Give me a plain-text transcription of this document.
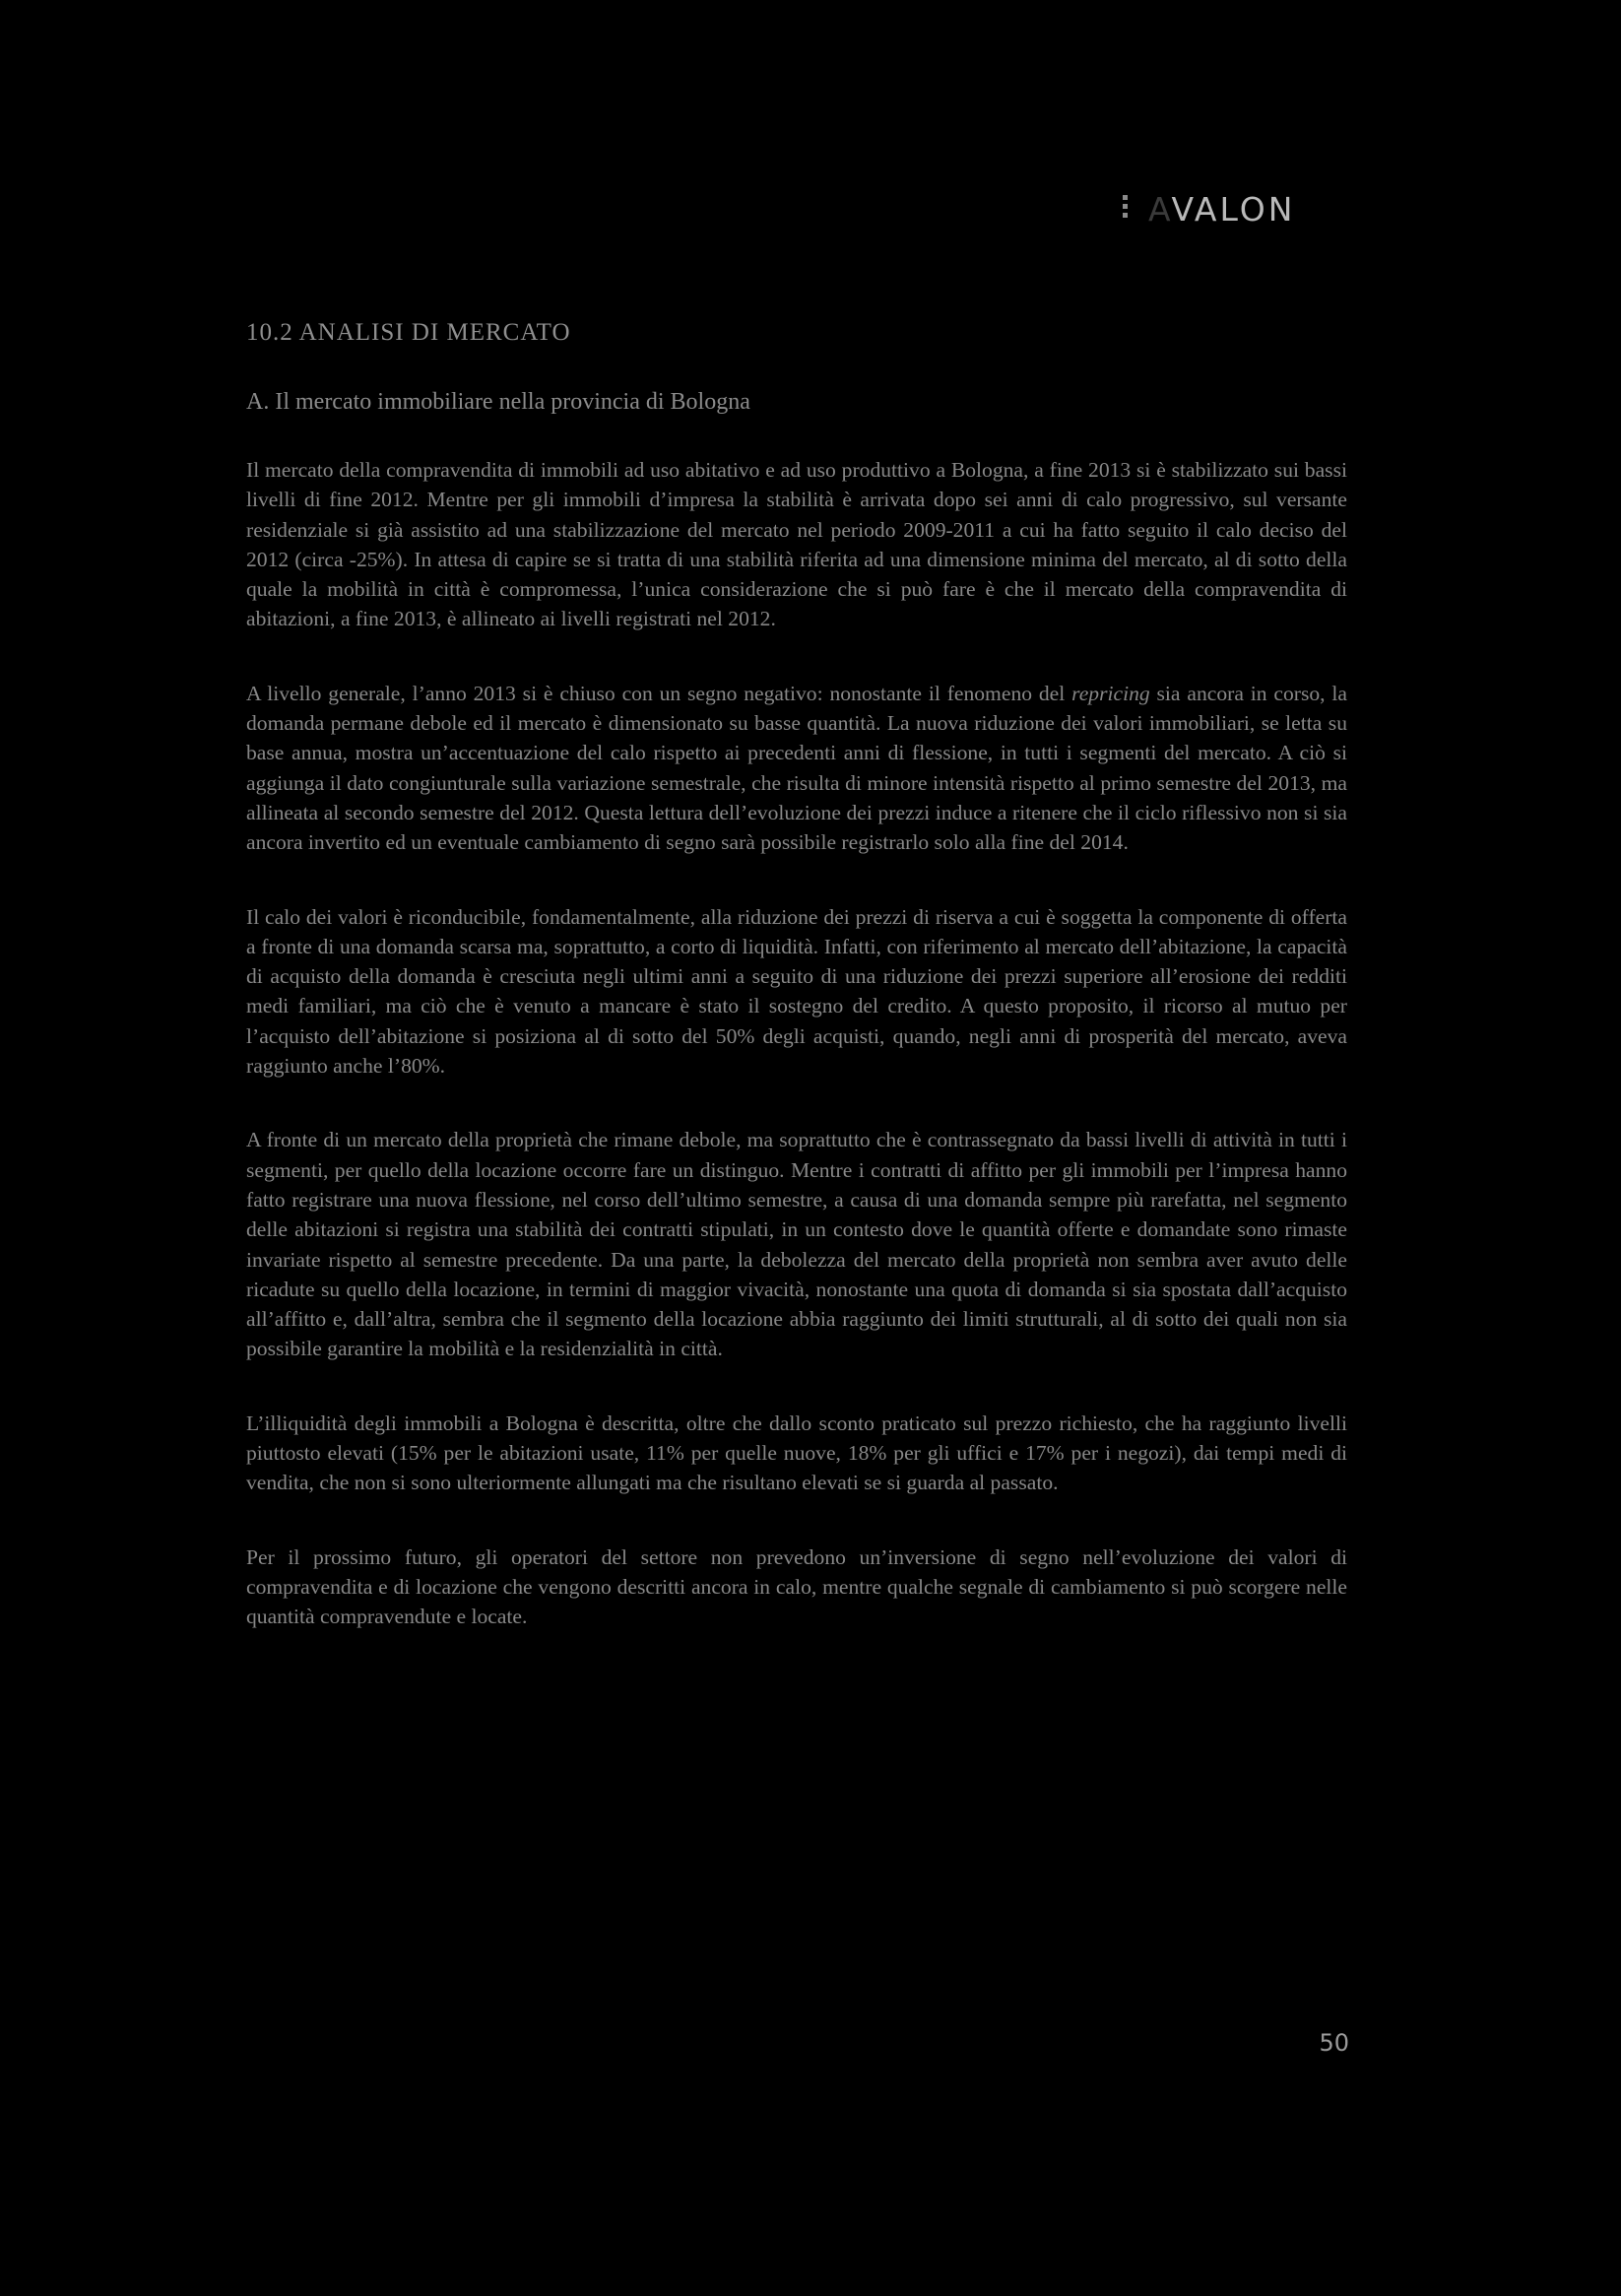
AVALON
10.2 ANALISI DI MERCATO
A. Il mercato immobiliare nella provincia di Bologna

Il mercato della compravendita di immobili ad uso abitativo e ad uso produttivo a Bologna, a fine 2013 si è stabilizzato sui bassi livelli di fine 2012. Mentre per gli immobili d’impresa la stabilità è arrivata dopo sei anni di calo progressivo, sul versante residenziale si già assistito ad una stabilizzazione del mercato nel periodo 2009-2011 a cui ha fatto seguito il calo deciso del 2012 (circa -25%). In attesa di capire se si tratta di una stabilità riferita ad una dimensione minima del mercato, al di sotto della quale la mobilità in città è compromessa, l’unica considerazione che si può fare è che il mercato della compravendita di abitazioni, a fine 2013, è allineato ai livelli registrati nel 2012.

A livello generale, l’anno 2013 si è chiuso con un segno negativo: nonostante il fenomeno del repricing sia ancora in corso, la domanda permane debole ed il mercato è dimensionato su basse quantità. La nuova riduzione dei valori immobiliari, se letta su base annua, mostra un’accentuazione del calo rispetto ai precedenti anni di flessione, in tutti i segmenti del mercato. A ciò si aggiunga il dato congiunturale sulla variazione semestrale, che risulta di minore intensità rispetto al primo semestre del 2013, ma allineata al secondo semestre del 2012. Questa lettura dell’evoluzione dei prezzi induce a ritenere che il ciclo riflessivo non si sia ancora invertito ed un eventuale cambiamento di segno sarà possibile registrarlo solo alla fine del 2014.

Il calo dei valori è riconducibile, fondamentalmente, alla riduzione dei prezzi di riserva a cui è soggetta la componente di offerta a fronte di una domanda scarsa ma, soprattutto, a corto di liquidità. Infatti, con riferimento al mercato dell’abitazione, la capacità di acquisto della domanda è cresciuta negli ultimi anni a seguito di una riduzione dei prezzi superiore all’erosione dei redditi medi familiari, ma ciò che è venuto a mancare è stato il sostegno del credito. A questo proposito, il ricorso al mutuo per l’acquisto dell’abitazione si posiziona al di sotto del 50% degli acquisti, quando, negli anni di prosperità del mercato, aveva raggiunto anche l’80%.

A fronte di un mercato della proprietà che rimane debole, ma soprattutto che è contrassegnato da bassi livelli di attività in tutti i segmenti, per quello della locazione occorre fare un distinguo. Mentre i contratti di affitto per gli immobili per l’impresa hanno fatto registrare una nuova flessione, nel corso dell’ultimo semestre, a causa di una domanda sempre più rarefatta, nel segmento delle abitazioni si registra una stabilità dei contratti stipulati, in un contesto dove le quantità offerte e domandate sono rimaste invariate rispetto al semestre precedente. Da una parte, la debolezza del mercato della proprietà non sembra aver avuto delle ricadute su quello della locazione, in termini di maggior vivacità, nonostante una quota di domanda si sia spostata dall’acquisto all’affitto e, dall’altra, sembra che il segmento della locazione abbia raggiunto dei limiti strutturali, al di sotto dei quali non sia possibile garantire la mobilità e la residenzialità in città.

L’illiquidità degli immobili a Bologna è descritta, oltre che dallo sconto praticato sul prezzo richiesto, che ha raggiunto livelli piuttosto elevati (15% per le abitazioni usate, 11% per quelle nuove, 18% per gli uffici e 17% per i negozi), dai tempi medi di vendita, che non si sono ulteriormente allungati ma che risultano elevati se si guarda al passato.

Per il prossimo futuro, gli operatori del settore non prevedono un’inversione di segno nell’evoluzione dei valori di compravendita e di locazione che vengono descritti ancora in calo, mentre qualche segnale di cambiamento si può scorgere nelle quantità compravendute e locate.

50
